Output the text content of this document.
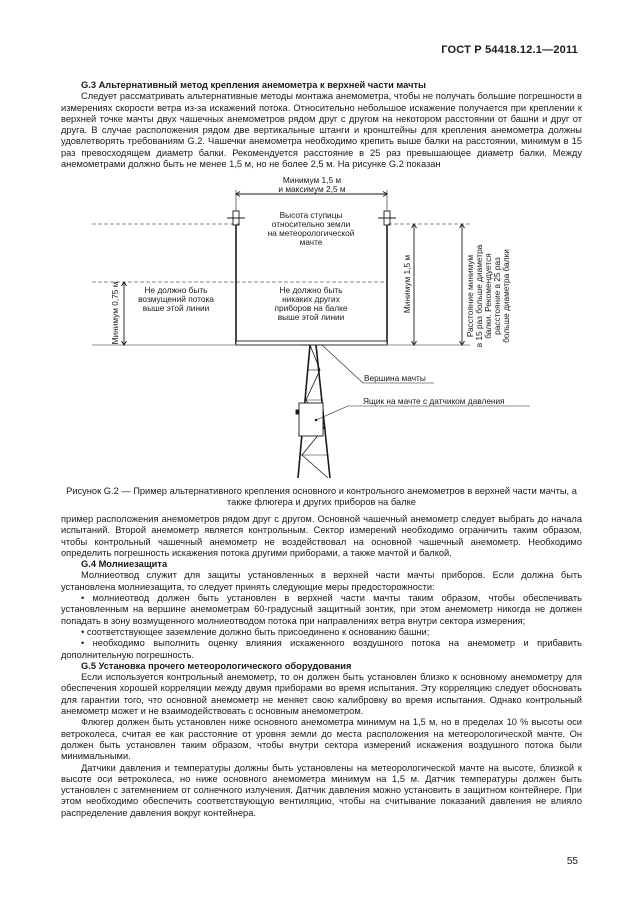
ГОСТ Р 54418.12.1—2011
G.3 Альтернативный метод крепления анемометра к верхней части мачты

Следует рассматривать альтернативные методы монтажа анемометра, чтобы не получать большие погрешности в измерениях скорости ветра из-за искажений потока. Относительно небольшое искажение получается при креплении к верхней точке мачты двух чашечных анемометров рядом друг с другом на некотором расстоянии от башни и друг от друга. В случае расположения рядом две вертикальные штанги и кронштейны для крепления анемометра должны удовлетворять требованиям G.2. Чашечки анемометра необходимо крепить выше балки на расстоянии, минимум в 15 раз превосходящем диаметр балки. Рекомендуется расстояние в 25 раз превышающее диаметр балки. Между анемометрами должно быть не менее 1,5 м, но не более 2,5 м. На рисунке G.2 показан

Минимум 1,5 м
и максимум 2,5 м
Высота ступицы
относительно земли
на метеорологической
мачте
Не должно быть
возмущений потока
выше этой линии
Не должно быть
никаких других
приборов на балке
выше этой линии
Минимум 0,75 м	Минимум 1,5 м	Расстояние минимум в 15 раз больше диаметра балки. Рекомендуется расстояние в 25 раз больше диаметра балки
Вершина мачты
Ящик на мачте с датчиком давления
Рисунок G.2 — Пример альтернативного крепления основного и контрольного анемометров в верхней части мачты, а также флюгера и других приборов на балке

пример расположения анемометров рядом друг с другом. Основной чашечный анемометр следует выбрать до начала испытаний. Второй анемометр является контрольным. Сектор измерений необходимо ограничить таким образом, чтобы контрольный чашечный анемометр не воздействовал на основной чашечный анемометр. Необходимо определить погрешность искажения потока другими приборами, а также мачтой и балкой.

G.4 Молниезащита

Молниеотвод служит для защиты установленных в верхней части мачты приборов. Если должна быть установлена молниезащита, то следует принять следующие меры предосторожности:

• молниеотвод должен быть установлен в верхней части мачты таким образом, чтобы обеспечивать установленным на вершине анемометрам 60-градусный защитный зонтик, при этом анемометр никогда не должен попадать в зону возмущенного молниеотводом потока при направлениях ветра внутри сектора измерения;

• соответствующее заземление должно быть присоединено к основанию башни;

• необходимо выполнить оценку влияния искаженного воздушного потока на анемометр и прибавить дополнительную погрешность.

G.5 Установка прочего метеорологического оборудования

Если используется контрольный анемометр, то он должен быть установлен близко к основному анемометру для обеспечения хорошей корреляции между двумя приборами во время испытания. Эту корреляцию следует обосновать для гарантии того, что основной анемометр не меняет свою калибровку во время испытания. Однако контрольный анемометр может и не взаимодействовать с основным анемометром.

Флюгер должен быть установлен ниже основного анемометра минимум на 1,5 м, но в пределах 10 % высоты оси ветроколеса, считая ее как расстояние от уровня земли до места расположения на метеорологической мачте. Он должен быть установлен таким образом, чтобы внутри сектора измерений искажения воздушного потока были минимальными.

Датчики давления и температуры должны быть установлены на метеорологической мачте на высоте, близкой к высоте оси ветроколеса, но ниже основного анемометра минимум на 1,5 м. Датчик температуры должен быть установлен с затемнением от солнечного излучения. Датчик давления можно установить в защитном контейнере. При этом необходимо обеспечить соответствующую вентиляцию, чтобы на считывание показаний давления не влияло распределение давления вокруг контейнера.

55
